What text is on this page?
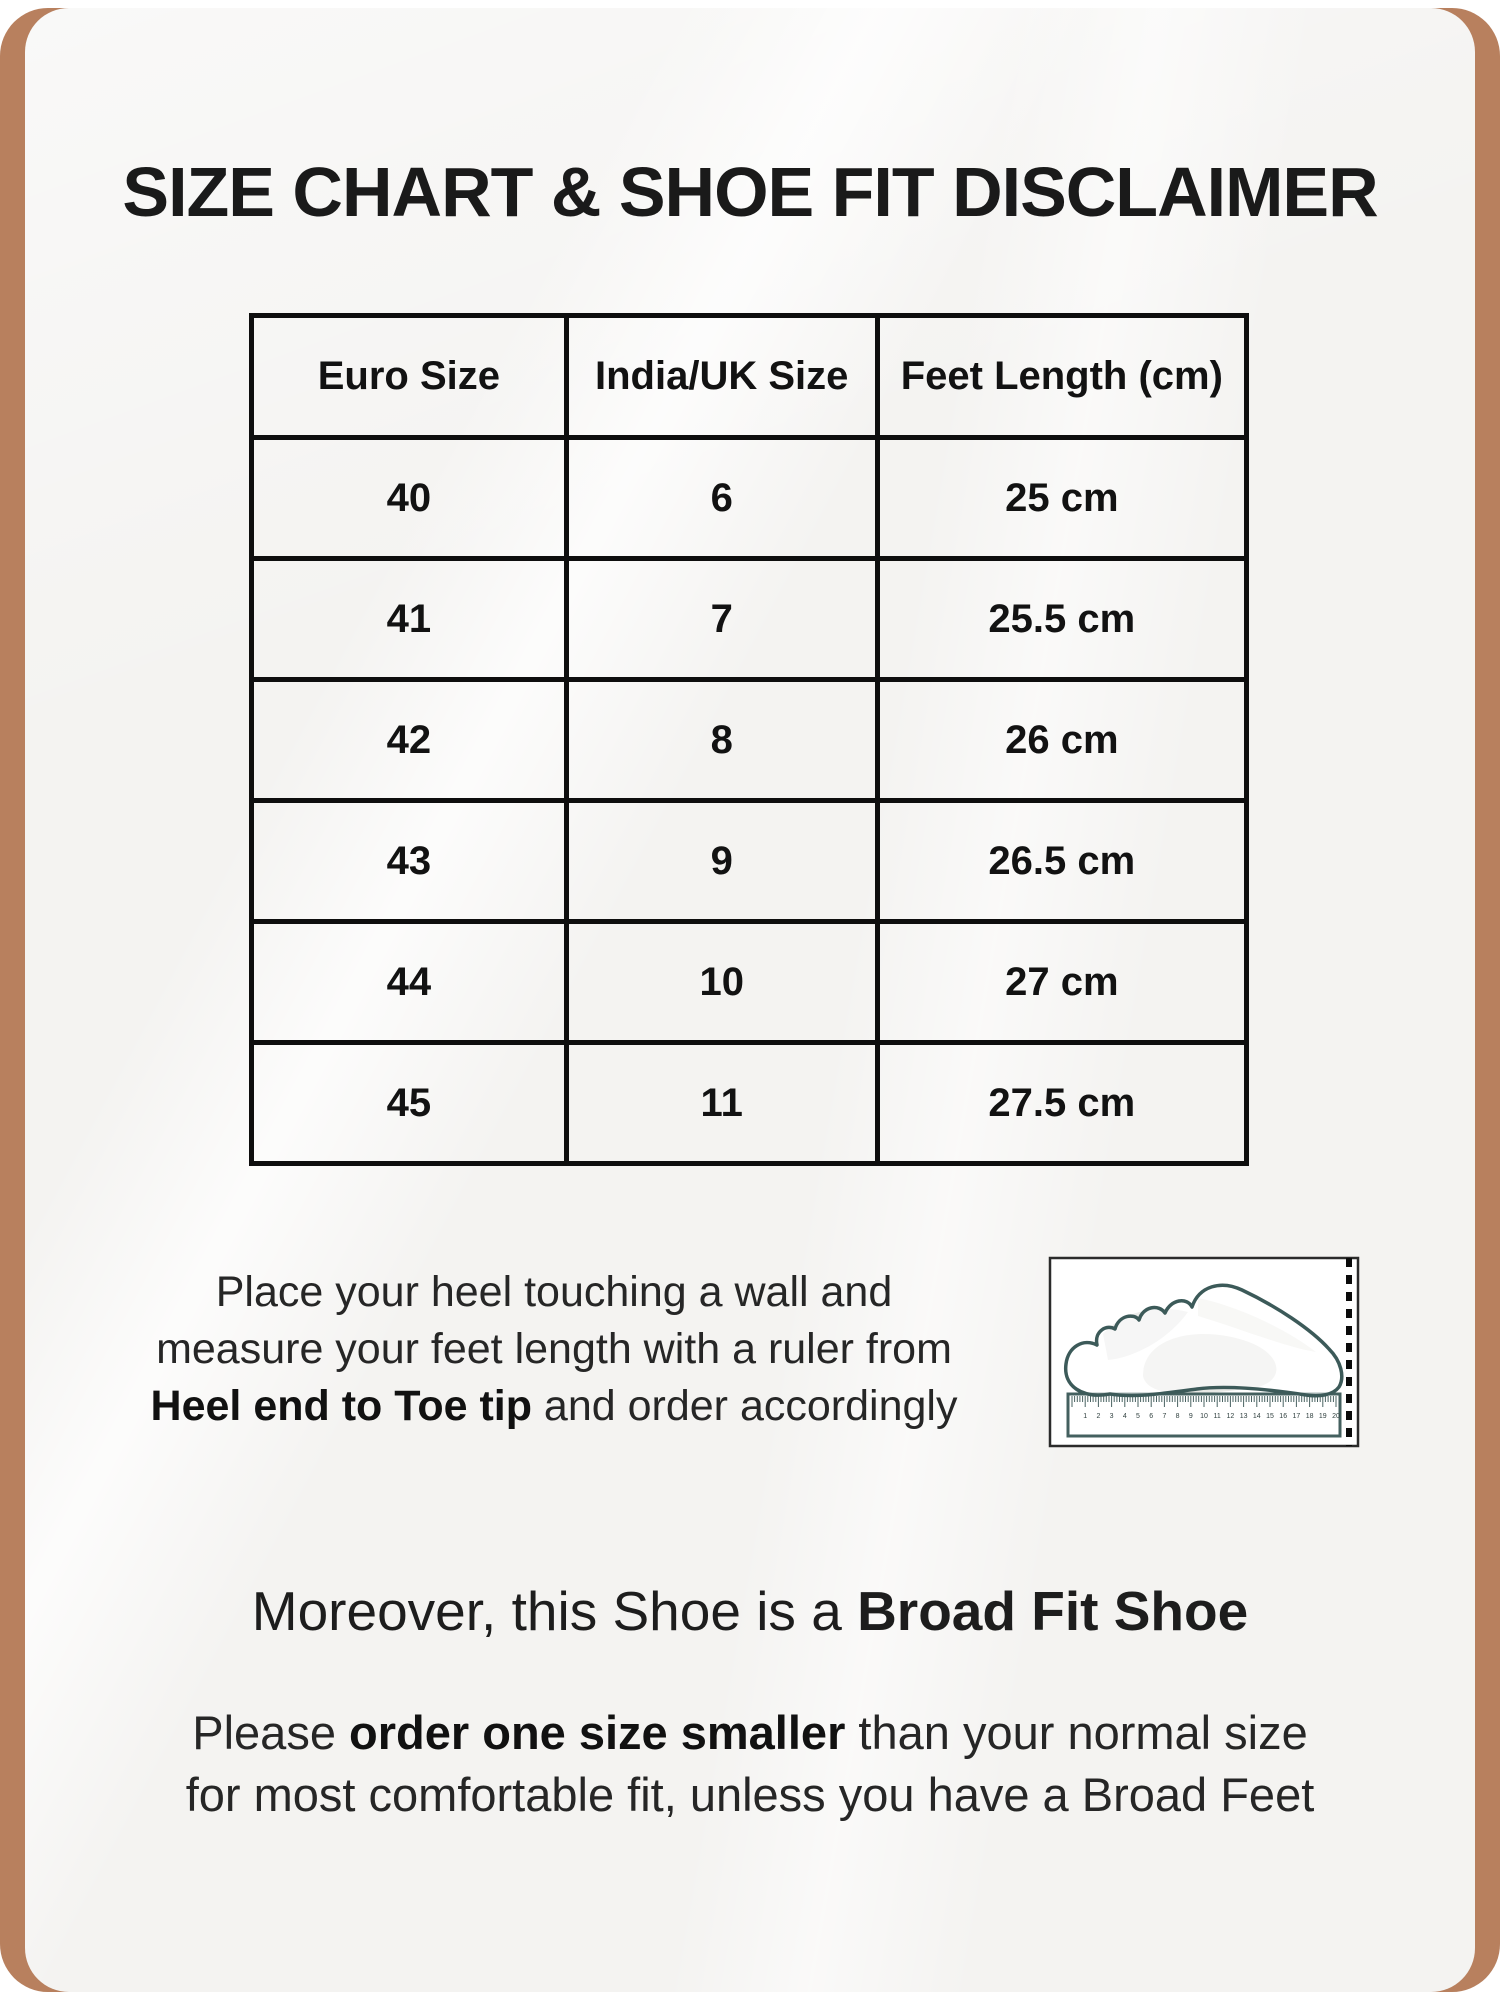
SIZE CHART & SHOE FIT DISCLAIMER
Euro Size	India/UK Size	Feet Length (cm)
40	6	25 cm
41	7	25.5 cm
42	8	26 cm
43	9	26.5 cm
44	10	27 cm
45	11	27.5 cm
Place your heel touching a wall and
measure your feet length with a ruler from
Heel end to Toe tip and order accordingly	1 2 3 4 5 6 7 8 9 10 11 12 13 14 15 16 17 18 19 20
Moreover, this Shoe is a Broad Fit Shoe
Please order one size smaller than your normal size
for most comfortable fit, unless you have a Broad Feet
